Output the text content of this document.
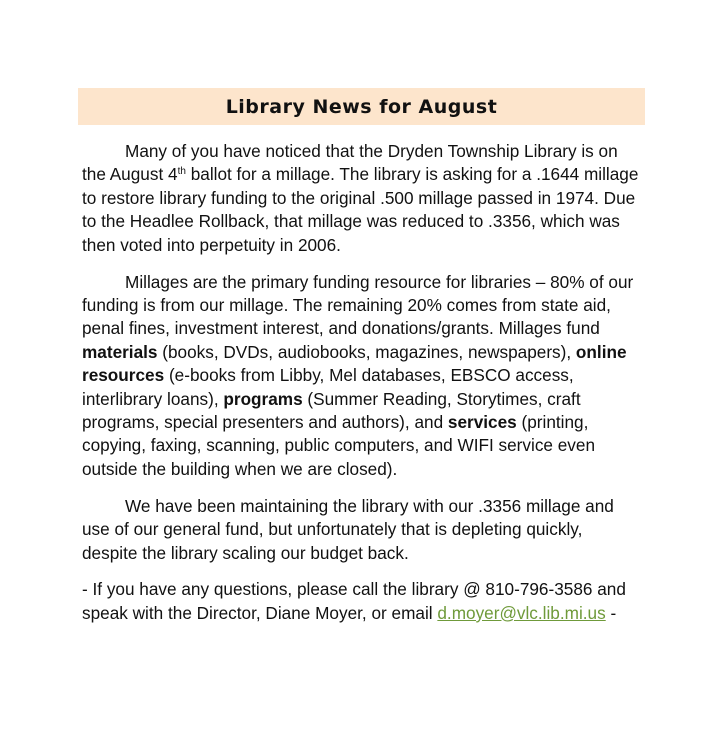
Library News for August

Many of you have noticed that the Dryden Township Library is on the August 4th ballot for a millage. The library is asking for a .1644 millage to restore library funding to the original .500 millage passed in 1974. Due to the Headlee Rollback, that millage was reduced to .3356, which was then voted into perpetuity in 2006.

Millages are the primary funding resource for libraries – 80% of our funding is from our millage. The remaining 20% comes from state aid, penal fines, investment interest, and donations/grants. Millages fund materials (books, DVDs, audiobooks, magazines, newspapers), online resources (e-books from Libby, Mel databases, EBSCO access, interlibrary loans), programs (Summer Reading, Storytimes, craft programs, special presenters and authors), and services (printing, copying, faxing, scanning, public computers, and WIFI service even outside the building when we are closed).

We have been maintaining the library with our .3356 millage and use of our general fund, but unfortunately that is depleting quickly, despite the library scaling our budget back.

- If you have any questions, please call the library @ 810-796-3586 and speak with the Director, Diane Moyer, or email d.moyer@vlc.lib.mi.us -
